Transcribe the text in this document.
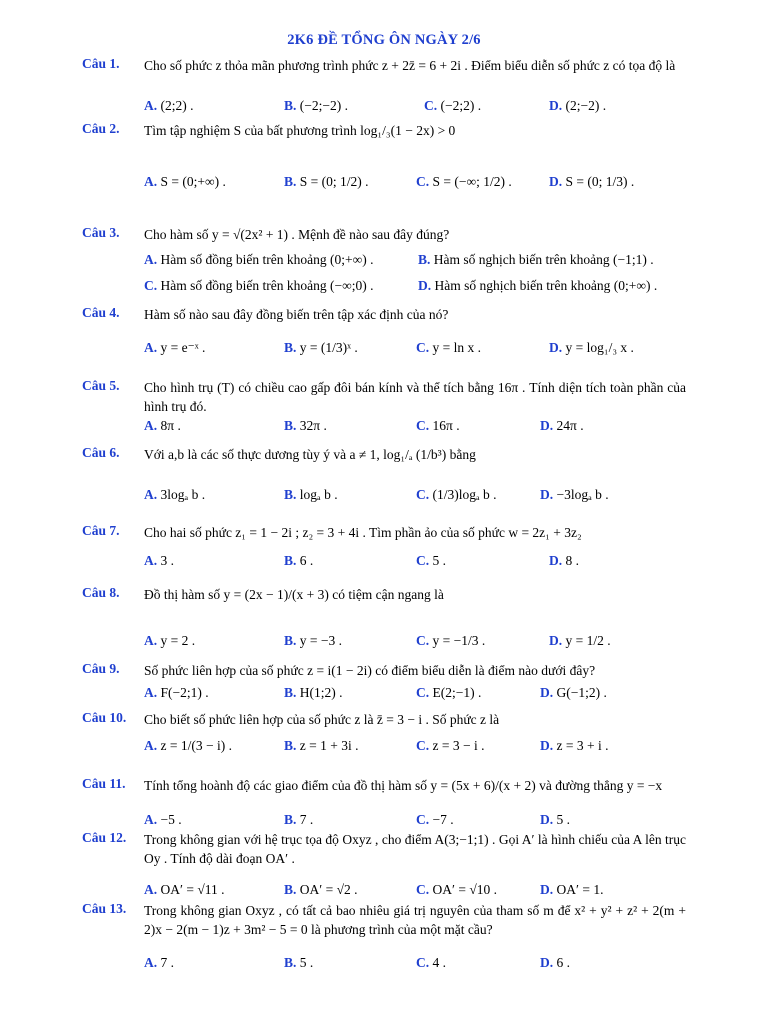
2K6 ĐỀ TỔNG ÔN NGÀY 2/6
Câu 1. Cho số phức z thỏa mãn phương trình phức z + 2z̄ = 6 + 2i . Điểm biểu diễn số phức z có tọa độ là
A. (2;2) .	B. (−2;−2) .	C. (−2;2) .	D. (2;−2) .
Câu 2. Tìm tập nghiệm S của bất phương trình log₁/₃(1 − 2x) > 0
A. S = (0;+∞) .	B. S = (0; 1/2) .	C. S = (−∞; 1/2) .	D. S = (0; 1/3) .
Câu 3. Cho hàm số y = √(2x² + 1) . Mệnh đề nào sau đây đúng?
A. Hàm số đồng biến trên khoảng (0;+∞) .	B. Hàm số nghịch biến trên khoảng (−1;1) .
C. Hàm số đồng biến trên khoảng (−∞;0) .	D. Hàm số nghịch biến trên khoảng (0;+∞) .
Câu 4. Hàm số nào sau đây đồng biến trên tập xác định của nó?
A. y = e⁻ˣ .	B. y = (1/3)ˣ .	C. y = ln x .	D. y = log₁/₃ x .
Câu 5. Cho hình trụ (T) có chiều cao gấp đôi bán kính và thể tích bằng 16π . Tính diện tích toàn phần của hình trụ đó.
A. 8π .	B. 32π .	C. 16π .	D. 24π .
Câu 6. Với a,b là các số thực dương tùy ý và a ≠ 1, log₁/ₐ (1/b³) bằng
A. 3logₐ b .	B. logₐ b .	C. (1/3)logₐ b .	D. −3logₐ b .
Câu 7. Cho hai số phức z₁ = 1 − 2i ; z₂ = 3 + 4i . Tìm phần ảo của số phức w = 2z₁ + 3z₂
A. 3 .	B. 6 .	C. 5 .	D. 8 .
Câu 8. Đồ thị hàm số y = (2x − 1)/(x + 3) có tiệm cận ngang là
A. y = 2 .	B. y = −3 .	C. y = −1/3 .	D. y = 1/2 .
Câu 9. Số phức liên hợp của số phức z = i(1 − 2i) có điểm biểu diễn là điểm nào dưới đây?
A. F(−2;1) .	B. H(1;2) .	C. E(2;−1) .	D. G(−1;2) .
Câu 10. Cho biết số phức liên hợp của số phức z là z̄ = 3 − i . Số phức z là
A. z = 1/(3 − i) .	B. z = 1 + 3i .	C. z = 3 − i .	D. z = 3 + i .
Câu 11. Tính tổng hoành độ các giao điểm của đồ thị hàm số y = (5x + 6)/(x + 2) và đường thẳng y = −x
A. −5 .	B. 7 .	C. −7 .	D. 5 .
Câu 12. Trong không gian với hệ trục tọa độ Oxyz , cho điểm A(3;−1;1) . Gọi A′ là hình chiếu của A lên trục Oy . Tính độ dài đoạn OA′ .
A. OA′ = √11 .	B. OA′ = √2 .	C. OA′ = √10 .	D. OA′ = 1.
Câu 13. Trong không gian Oxyz , có tất cả bao nhiêu giá trị nguyên của tham số m để x² + y² + z² + 2(m + 2)x − 2(m − 1)z + 3m² − 5 = 0 là phương trình của một mặt cầu?
A. 7 .	B. 5 .	C. 4 .	D. 6 .
